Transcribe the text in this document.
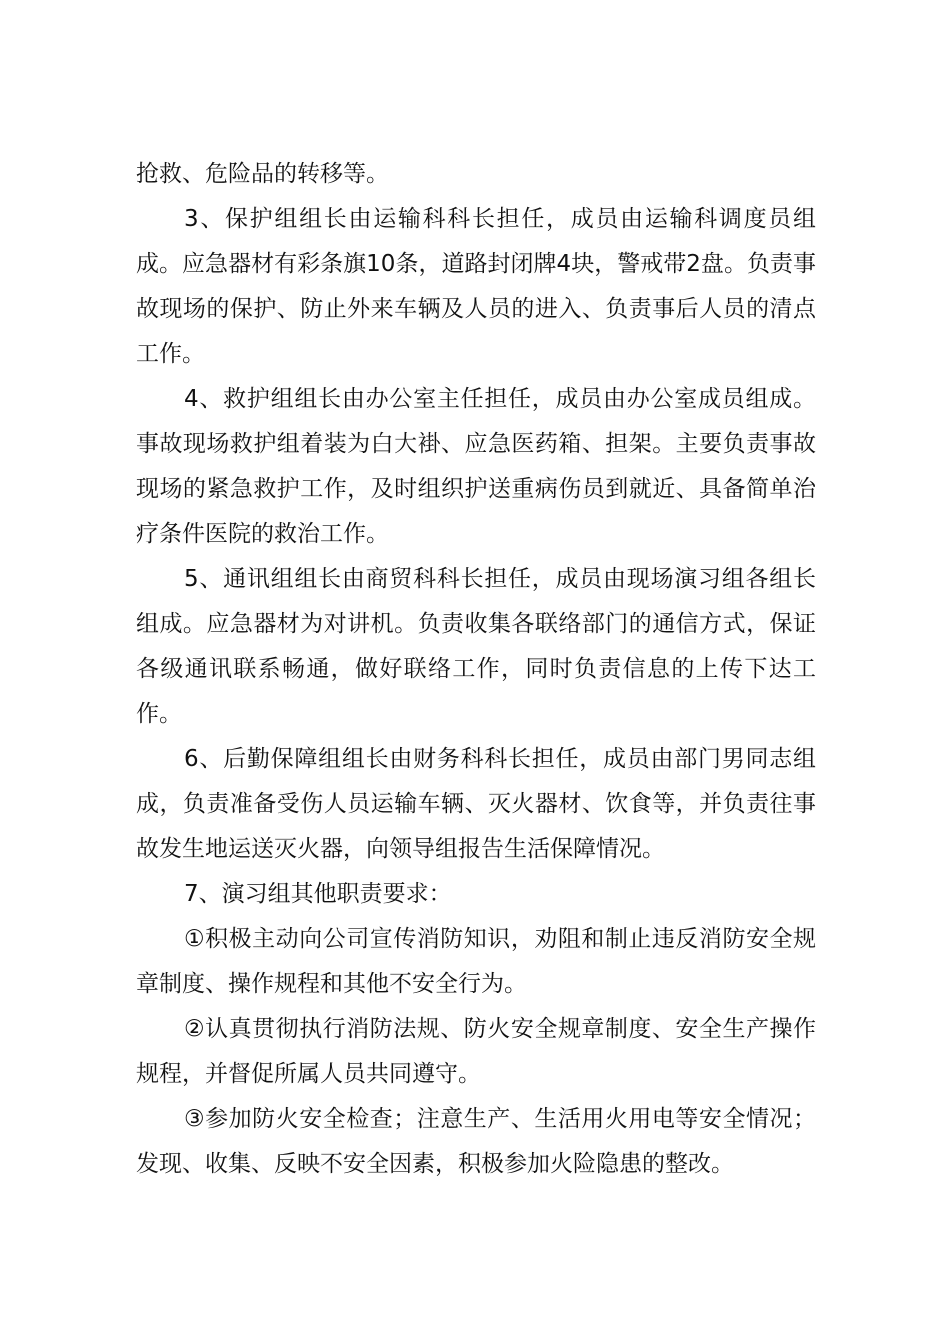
抢救、危险品的转移等。

3、保护组组长由运输科科长担任，成员由运输科调度员组成。应急器材有彩条旗10条，道路封闭牌4块，警戒带2盘。负责事故现场的保护、防止外来车辆及人员的进入、负责事后人员的清点工作。

4、救护组组长由办公室主任担任，成员由办公室成员组成。事故现场救护组着装为白大褂、应急医药箱、担架。主要负责事故现场的紧急救护工作，及时组织护送重病伤员到就近、具备简单治疗条件医院的救治工作。

5、通讯组组长由商贸科科长担任，成员由现场演习组各组长组成。应急器材为对讲机。负责收集各联络部门的通信方式，保证各级通讯联系畅通，做好联络工作，同时负责信息的上传下达工作。

6、后勤保障组组长由财务科科长担任，成员由部门男同志组成，负责准备受伤人员运输车辆、灭火器材、饮食等，并负责往事故发生地运送灭火器，向领导组报告生活保障情况。

7、演习组其他职责要求：

①积极主动向公司宣传消防知识，劝阻和制止违反消防安全规章制度、操作规程和其他不安全行为。

②认真贯彻执行消防法规、防火安全规章制度、安全生产操作规程，并督促所属人员共同遵守。

③参加防火安全检查；注意生产、生活用火用电等安全情况；发现、收集、反映不安全因素，积极参加火险隐患的整改。
